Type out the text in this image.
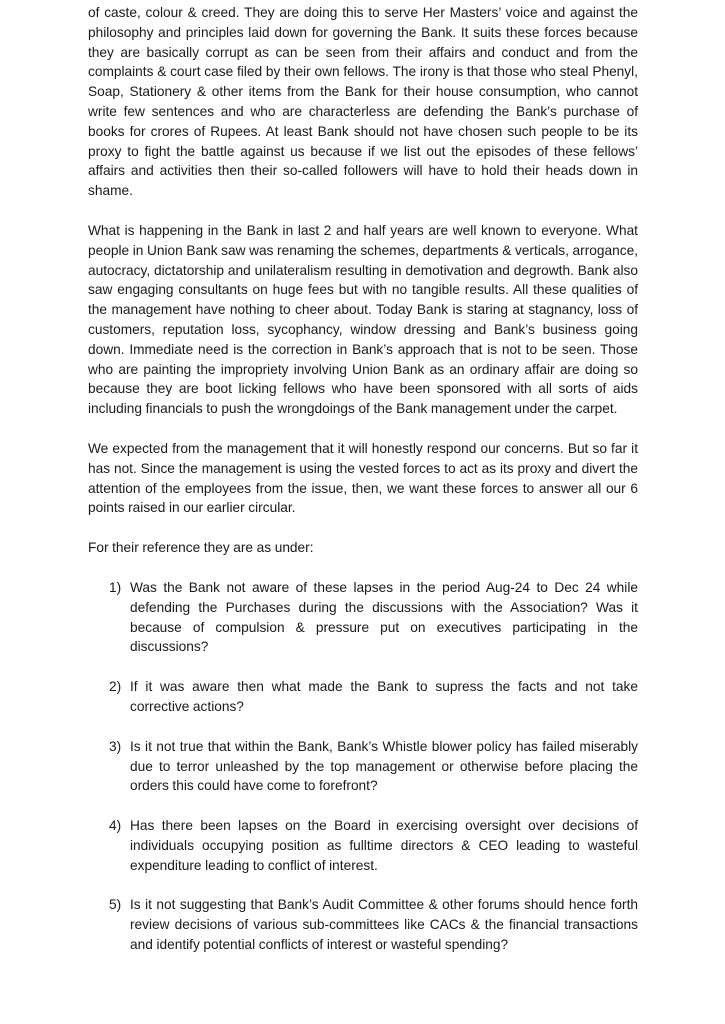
of caste, colour & creed. They are doing this to serve Her Masters’ voice and against the philosophy and principles laid down for governing the Bank. It suits these forces because they are basically corrupt as can be seen from their affairs and conduct and from the complaints & court case filed by their own fellows. The irony is that those who steal Phenyl, Soap, Stationery & other items from the Bank for their house consumption, who cannot write few sentences and who are characterless are defending the Bank’s purchase of books for crores of Rupees. At least Bank should not have chosen such people to be its proxy to fight the battle against us because if we list out the episodes of these fellows’ affairs and activities then their so-called followers will have to hold their heads down in shame.

What is happening in the Bank in last 2 and half years are well known to everyone. What people in Union Bank saw was renaming the schemes, departments & verticals, arrogance, autocracy, dictatorship and unilateralism resulting in demotivation and degrowth. Bank also saw engaging consultants on huge fees but with no tangible results. All these qualities of the management have nothing to cheer about. Today Bank is staring at stagnancy, loss of customers, reputation loss, sycophancy, window dressing and Bank’s business going down. Immediate need is the correction in Bank’s approach that is not to be seen. Those who are painting the impropriety involving Union Bank as an ordinary affair are doing so because they are boot licking fellows who have been sponsored with all sorts of aids including financials to push the wrongdoings of the Bank management under the carpet.

We expected from the management that it will honestly respond our concerns. But so far it has not. Since the management is using the vested forces to act as its proxy and divert the attention of the employees from the issue, then, we want these forces to answer all our 6 points raised in our earlier circular.

For their reference they are as under:

1) Was the Bank not aware of these lapses in the period Aug-24 to Dec 24 while defending the Purchases during the discussions with the Association? Was it because of compulsion & pressure put on executives participating in the discussions?
2) If it was aware then what made the Bank to supress the facts and not take corrective actions?
3) Is it not true that within the Bank, Bank’s Whistle blower policy has failed miserably due to terror unleashed by the top management or otherwise before placing the orders this could have come to forefront?
4) Has there been lapses on the Board in exercising oversight over decisions of individuals occupying position as fulltime directors & CEO leading to wasteful expenditure leading to conflict of interest.
5) Is it not suggesting that Bank’s Audit Committee & other forums should hence forth review decisions of various sub-committees like CACs & the financial transactions and identify potential conflicts of interest or wasteful spending?
